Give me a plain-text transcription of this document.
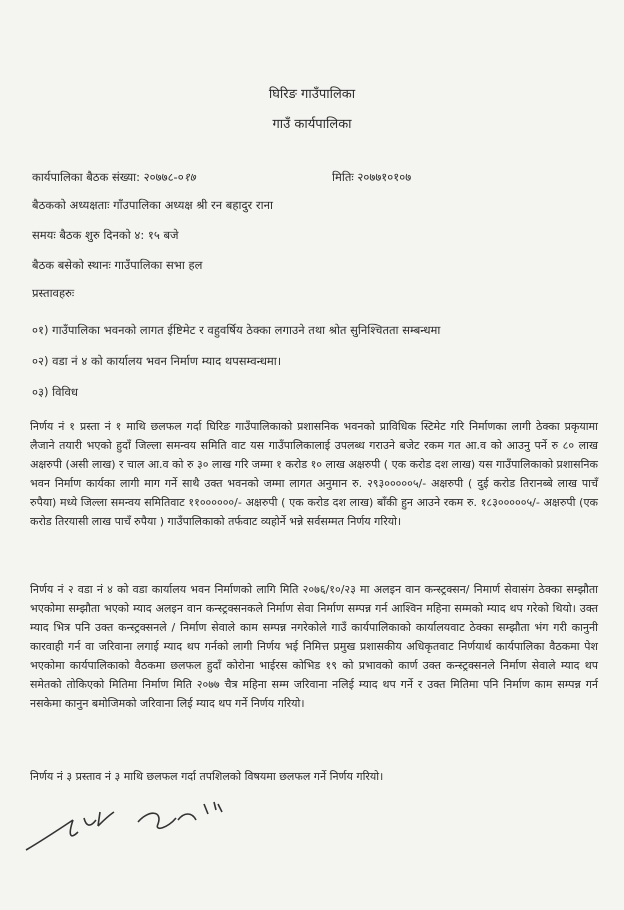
घिरिङ गाउँपालिका
गाउँ कार्यपालिका
कार्यपालिका बैठक संख्या: २०७७८-०१७	मितिः २०७७१०१०७
बैठकको अध्यक्षताः गाँउपालिका अध्यक्ष श्री रन बहादुर राना
समयः बैठक शुरु दिनको ४: १५ बजे
बैठक बसेको स्थानः गाउँपालिका सभा हल
प्रस्तावहरुः
०१) गाउँपालिका भवनको लागत ईष्टिमेट र वहुवर्षिय ठेक्का लगाउने तथा श्रोत सुनिश्चितता सम्बन्धमा
०२) वडा नं ४ को कार्यालय भवन निर्माण म्याद थपसम्वन्धमा।
०३) विविध
निर्णय नं १ प्रस्ता नं १ माथि छलफल गर्दा घिरिङ गाउँपालिकाको प्रशासनिक भवनको प्राविधिक स्टिमेट गरि निर्माणका लागी ठेक्का प्रकृयामा लैजाने तयारी भएको हुदाँ जिल्ला समन्वय समिति वाट यस गाउँपालिकालाई उपलब्ध गराउने बजेट रकम गत आ.व को आउनु पर्ने रु ८० लाख अक्षरुपी (असी लाख) र चाल आ.व को रु ३० लाख गरि जम्मा १ करोड १० लाख अक्षरुपी ( एक करोड दश लाख) यस गाउँपालिकाको प्रशासनिक भवन निर्माण कार्यका लागी माग गर्ने साथै उक्त भवनको जम्मा लागत अनुमान रु. २९३०००००५/- अक्षरुपी ( दुई करोड तिरानब्बे लाख पाचँ रुपैया) मध्ये जिल्ला समन्वय समितिवाट ११००००००/- अक्षरुपी ( एक करोड दश लाख) बाँकी हुन आउने रकम रु. १८३०००००५/- अक्षरुपी (एक करोड तिरयासी लाख पाचँ रुपैया ) गाउँपालिकाको तर्फवाट व्यहोर्ने भन्ने सर्वसम्मत निर्णय गरियो।
निर्णय नं २ वडा नं ४ को वडा कार्यालय भवन निर्माणको लागि मिति २०७६/१०/२३ मा अलइन वान कन्स्ट्रक्सन/ निमार्ण सेवासंग ठेक्का सम्झौता भएकोमा सम्झौता भएको म्याद अलइन वान कन्स्ट्रक्सनकले निर्माण सेवा निर्माण सम्पन्न गर्न आश्विन महिना सम्मको म्याद थप गरेको थियो। उक्त म्याद भित्र पनि उक्त कन्स्ट्रक्सनले / निर्माण सेवाले काम सम्पन्न नगरेकोले गाउँ कार्यपालिकाको कार्यालयवाट ठेक्का सम्झौता भंग गरी कानुनी कारवाही गर्न वा जरिवाना लगाई म्याद थप गर्नको लागी निर्णय भई निमित्त प्रमुख प्रशासकीय अधिकृतवाट निर्णयार्थ कार्यपालिका वैठकमा पेश भएकोमा कार्यपालिकाको वैठकमा छलफल हुदाँ कोरोना भाईरस कोभिड १९ को प्रभावको कार्ण उक्त कन्स्ट्रक्सनले निर्माण सेवाले म्याद थप समेतको तोकिएको मितिमा निर्माण मिति २०७७ चैत्र महिना सम्म जरिवाना नलिई म्याद थप गर्ने र उक्त मितिमा पनि निर्माण काम सम्पन्न गर्न नसकेमा कानुन बमोजिमको जरिवाना लिई म्याद थप गर्ने निर्णय गरियो।
निर्णय नं ३ प्रस्ताव नं ३ माथि छलफल गर्दा तपशिलको विषयमा छलफल गर्ने निर्णय गरियो।
